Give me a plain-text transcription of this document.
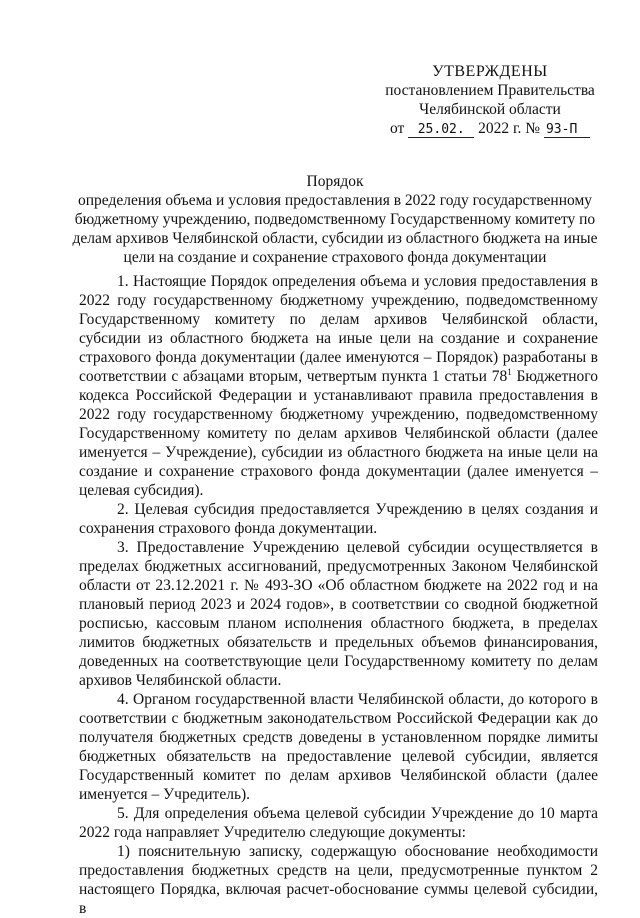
УТВЕРЖДЕНЫ
постановлением Правительства
Челябинской области
от 25.02. 2022 г. № 93-П
Порядок
определения объема и условия предоставления в 2022 году государственному
бюджетному учреждению, подведомственному Государственному комитету по
делам архивов Челябинской области, субсидии из областного бюджета на иные
цели на создание и сохранение страхового фонда документации

1. Настоящие Порядок определения объема и условия предоставления в 2022 году государственному бюджетному учреждению, подведомственному Государственному комитету по делам архивов Челябинской области, субсидии из областного бюджета на иные цели на создание и сохранение страхового фонда документации (далее именуются – Порядок) разработаны в соответствии с абзацами вторым, четвертым пункта 1 статьи $78^1$ Бюджетного кодекса Российской Федерации и устанавливают правила предоставления в 2022 году государственному бюджетному учреждению, подведомственному Государственному комитету по делам архивов Челябинской области (далее именуется – Учреждение), субсидии из областного бюджета на иные цели на создание и сохранение страхового фонда документации (далее именуется – целевая субсидия).

2. Целевая субсидия предоставляется Учреждению в целях создания и сохранения страхового фонда документации.

3. Предоставление Учреждению целевой субсидии осуществляется в пределах бюджетных ассигнований, предусмотренных Законом Челябинской области от 23.12.2021 г. № 493-ЗО «Об областном бюджете на 2022 год и на плановый период 2023 и 2024 годов», в соответствии со сводной бюджетной росписью, кассовым планом исполнения областного бюджета, в пределах лимитов бюджетных обязательств и предельных объемов финансирования, доведенных на соответствующие цели Государственному комитету по делам архивов Челябинской области.

4. Органом государственной власти Челябинской области, до которого в соответствии с бюджетным законодательством Российской Федерации как до получателя бюджетных средств доведены в установленном порядке лимиты бюджетных обязательств на предоставление целевой субсидии, является Государственный комитет по делам архивов Челябинской области (далее именуется – Учредитель).

5. Для определения объема целевой субсидии Учреждение до 10 марта 2022 года направляет Учредителю следующие документы:

1) пояснительную записку, содержащую обоснование необходимости предоставления бюджетных средств на цели, предусмотренные пунктом 2 настоящего Порядка, включая расчет-обоснование суммы целевой субсидии, в
